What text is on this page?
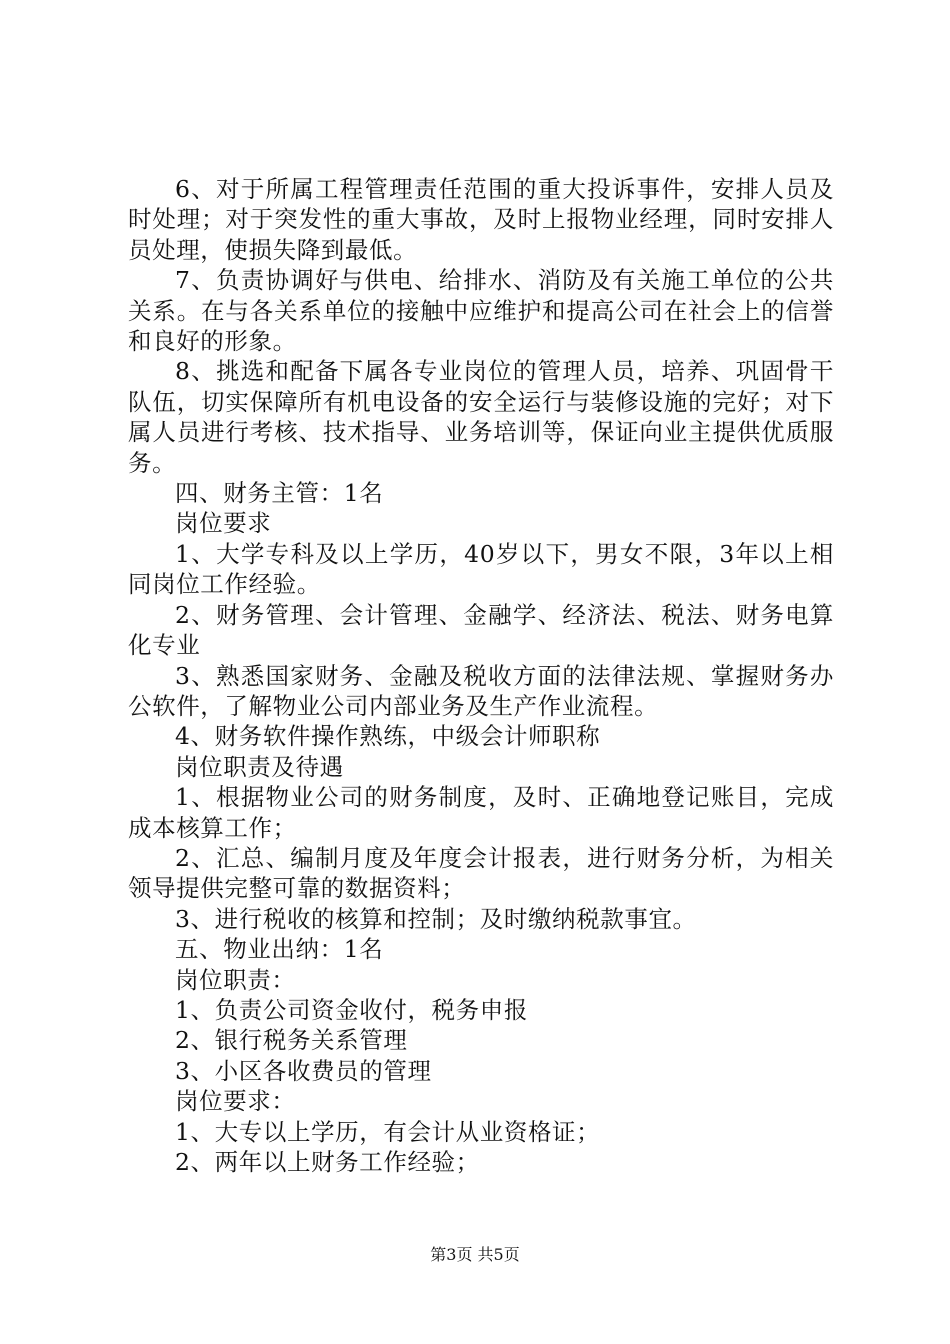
6、对于所属工程管理责任范围的重大投诉事件，安排人员及时处理；对于突发性的重大事故，及时上报物业经理，同时安排人员处理，使损失降到最低。

7、负责协调好与供电、给排水、消防及有关施工单位的公共关系。在与各关系单位的接触中应维护和提高公司在社会上的信誉和良好的形象。

8、挑选和配备下属各专业岗位的管理人员，培养、巩固骨干队伍，切实保障所有机电设备的安全运行与装修设施的完好；对下属人员进行考核、技术指导、业务培训等，保证向业主提供优质服务。

四、财务主管：1名

岗位要求

1、大学专科及以上学历，40岁以下，男女不限，3年以上相同岗位工作经验。

2、财务管理、会计管理、金融学、经济法、税法、财务电算化专业

3、熟悉国家财务、金融及税收方面的法律法规、掌握财务办公软件，了解物业公司内部业务及生产作业流程。

4、财务软件操作熟练，中级会计师职称

岗位职责及待遇

1、根据物业公司的财务制度，及时、正确地登记账目，完成成本核算工作；

2、汇总、编制月度及年度会计报表，进行财务分析，为相关领导提供完整可靠的数据资料；

3、进行税收的核算和控制；及时缴纳税款事宜。

五、物业出纳：1名

岗位职责：

1、负责公司资金收付，税务申报

2、银行税务关系管理

3、小区各收费员的管理

岗位要求：

1、大专以上学历，有会计从业资格证；

2、两年以上财务工作经验；

第3页 共5页
